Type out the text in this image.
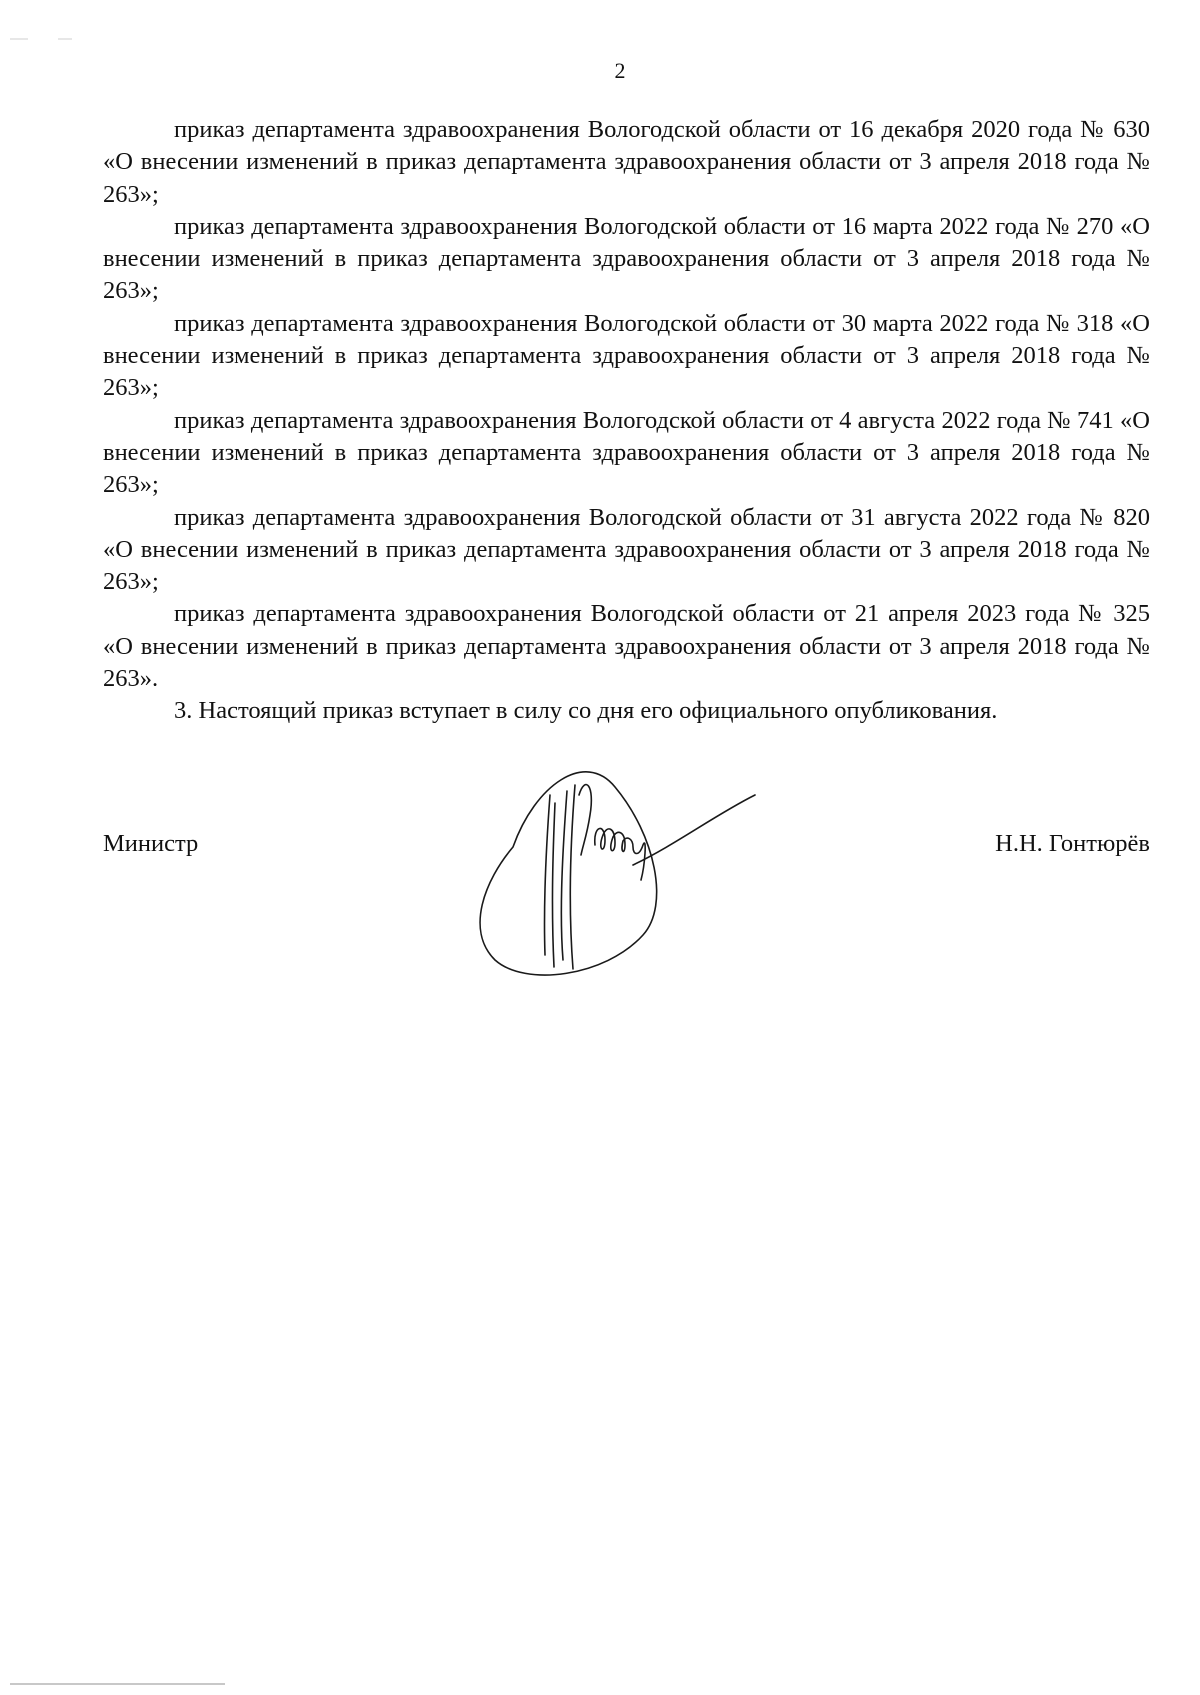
2

приказ департамента здравоохранения Вологодской области от 16 декабря 2020 года № 630 «О внесении изменений в приказ департамента здравоохранения области от 3 апреля 2018 года № 263»;

приказ департамента здравоохранения Вологодской области от 16 марта 2022 года № 270 «О внесении изменений в приказ департамента здравоохранения области от 3 апреля 2018 года № 263»;

приказ департамента здравоохранения Вологодской области от 30 марта 2022 года № 318 «О внесении изменений в приказ департамента здравоохранения области от 3 апреля 2018 года № 263»;

приказ департамента здравоохранения Вологодской области от 4 августа 2022 года № 741 «О внесении изменений в приказ департамента здравоохранения области от 3 апреля 2018 года № 263»;

приказ департамента здравоохранения Вологодской области от 31 августа 2022 года № 820 «О внесении изменений в приказ департамента здравоохранения области от 3 апреля 2018 года № 263»;

приказ департамента здравоохранения Вологодской области от 21 апреля 2023 года № 325 «О внесении изменений в приказ департамента здравоохранения области от 3 апреля 2018 года № 263».

3. Настоящий приказ вступает в силу со дня его официального опубликования.

Министр	Н.Н. Гонтюрёв
